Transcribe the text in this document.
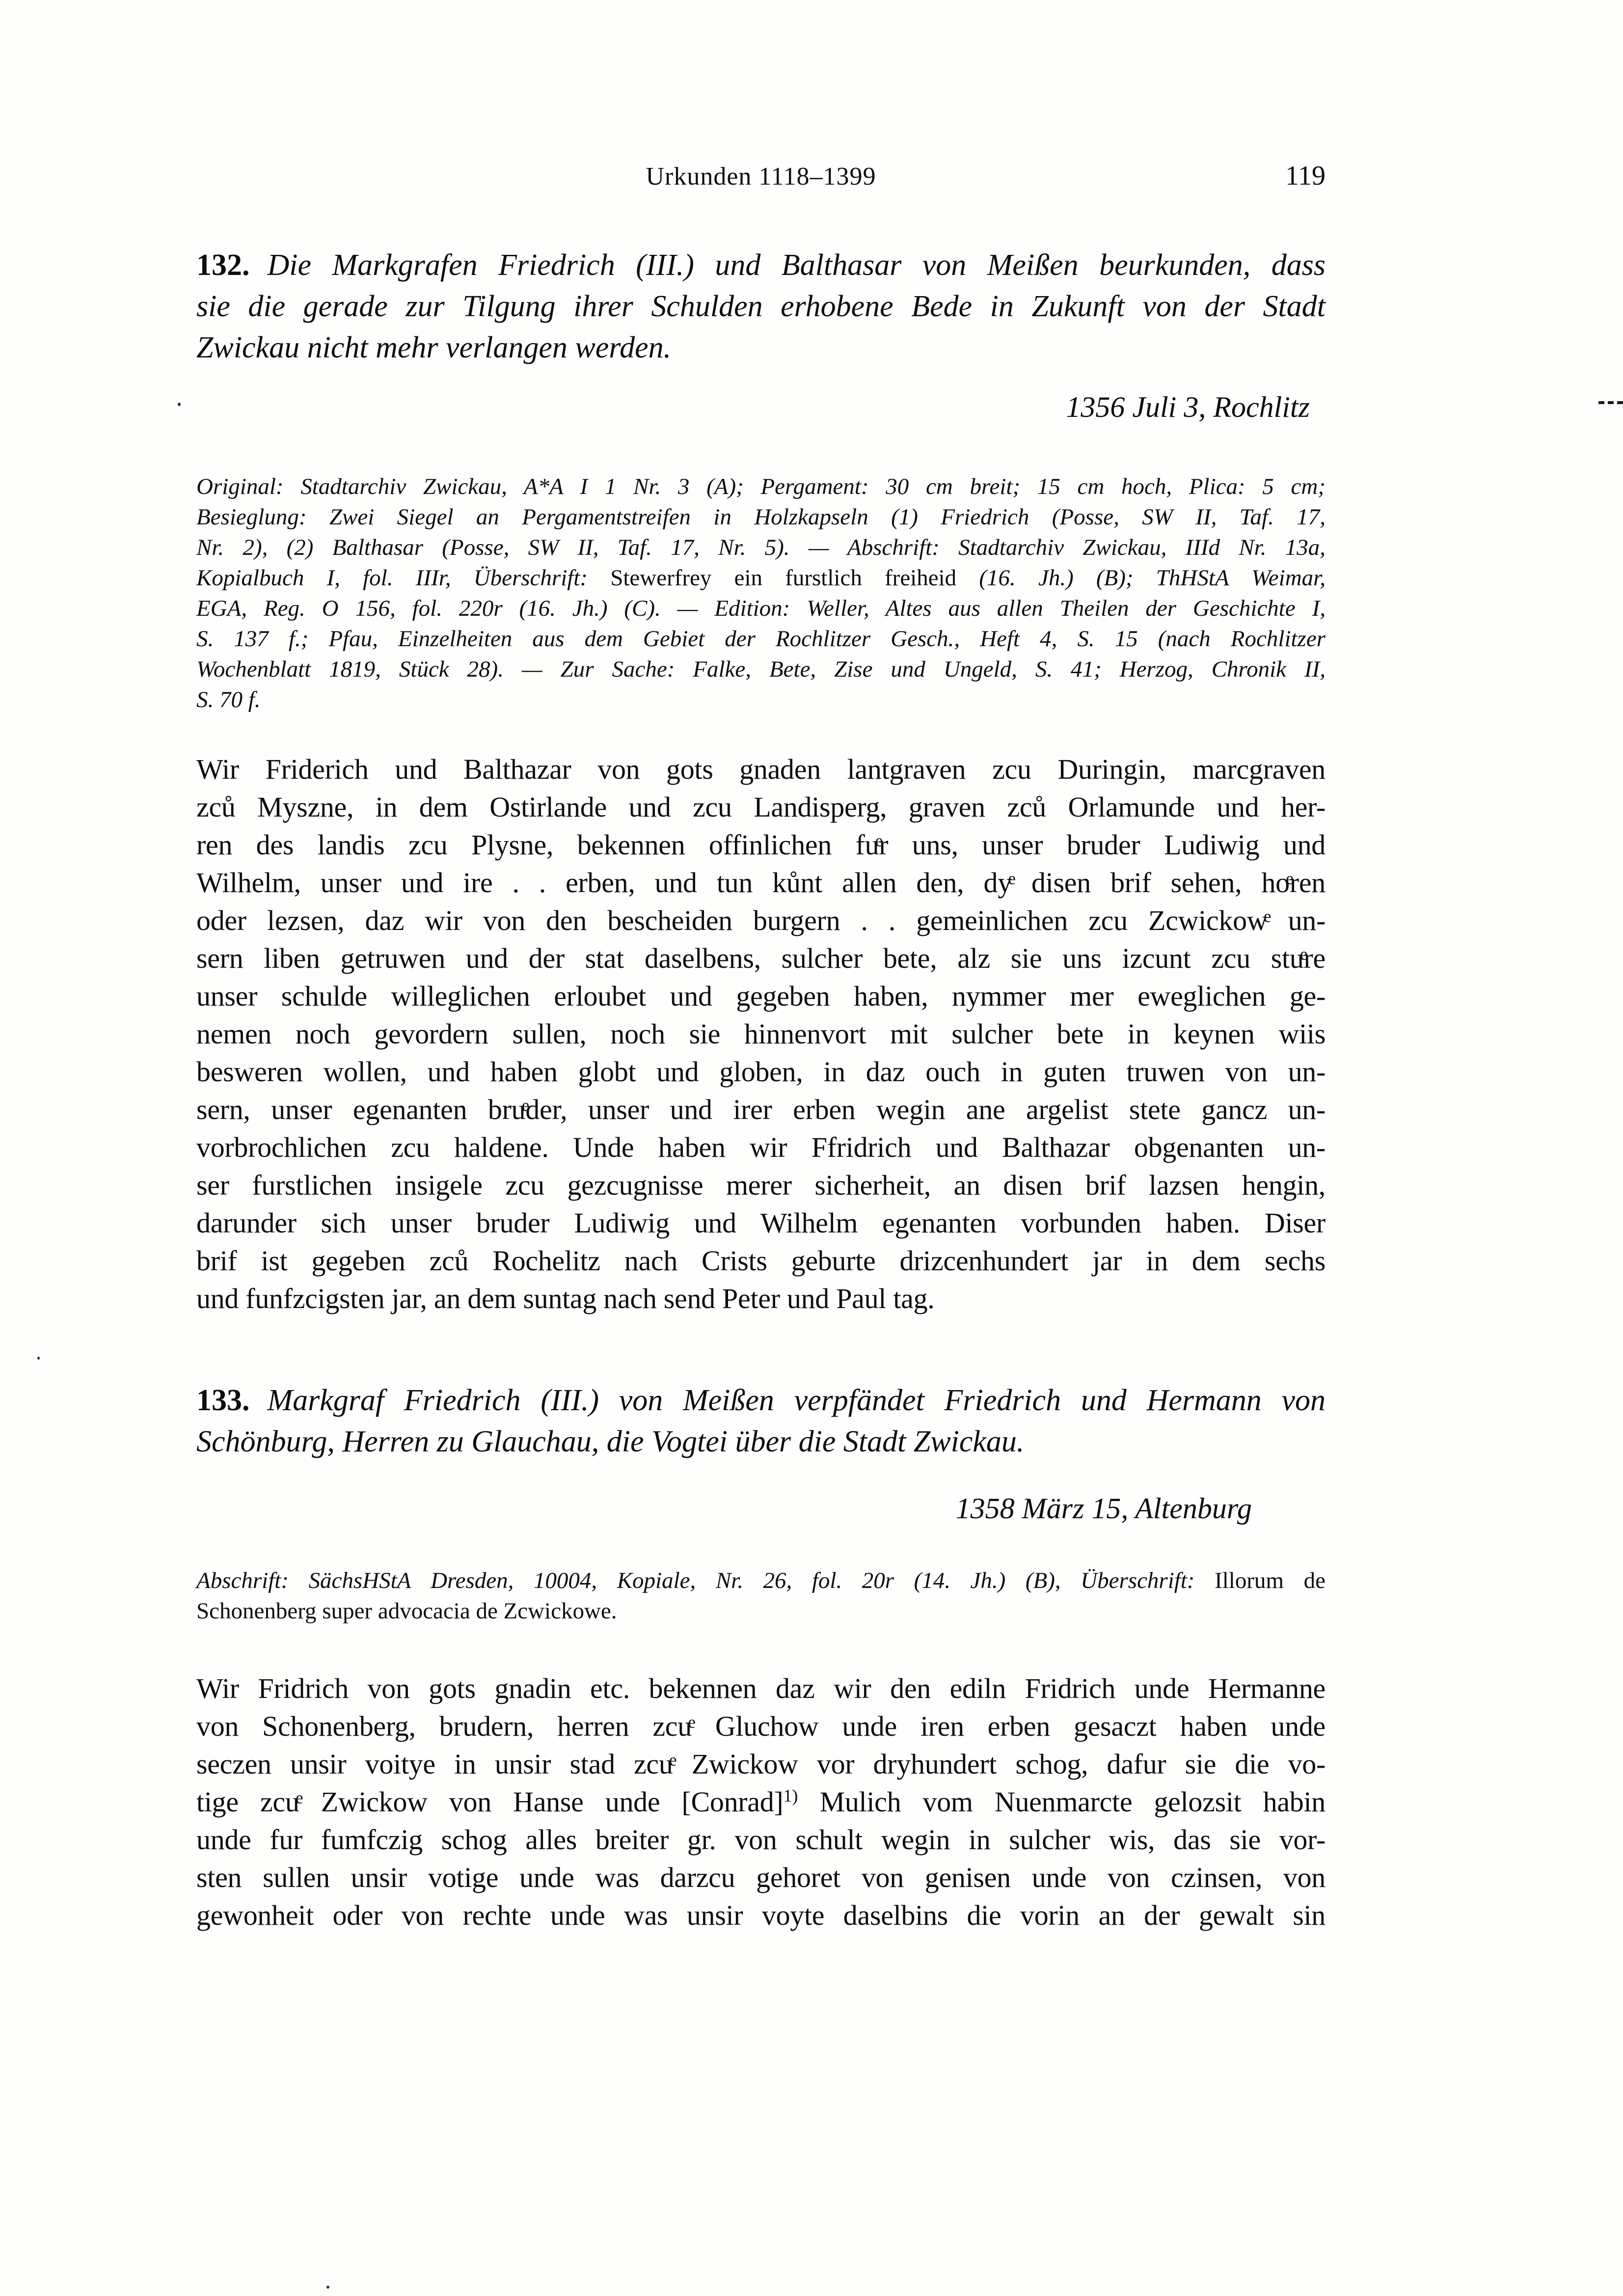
Urkunden 1118–1399	119
132. Die Markgrafen Friedrich (III.) und Balthasar von Meißen beurkunden, dass
sie die gerade zur Tilgung ihrer Schulden erhobene Bede in Zukunft von der Stadt
Zwickau nicht mehr verlangen werden.
1356 Juli 3, Rochlitz
Original: Stadtarchiv Zwickau, A*A I 1 Nr. 3 (A); Pergament: 30 cm breit; 15 cm hoch, Plica: 5 cm;
Besieglung: Zwei Siegel an Pergamentstreifen in Holzkapseln (1) Friedrich (Posse, SW II, Taf. 17,
Nr. 2), (2) Balthasar (Posse, SW II, Taf. 17, Nr. 5). — Abschrift: Stadtarchiv Zwickau, IIId Nr. 13a,
Kopialbuch I, fol. IIIr, Überschrift: Stewerfrey ein furstlich freiheid (16. Jh.) (B); ThHStA Weimar,
EGA, Reg. O 156, fol. 220r (16. Jh.) (C). — Edition: Weller, Altes aus allen Theilen der Geschichte I,
S. 137 f.; Pfau, Einzelheiten aus dem Gebiet der Rochlitzer Gesch., Heft 4, S. 15 (nach Rochlitzer
Wochenblatt 1819, Stück 28). — Zur Sache: Falke, Bete, Zise und Ungeld, S. 41; Herzog, Chronik II,
S. 70 f.
Wir Friderich und Balthazar von gots gnaden lantgraven zcu Duringin, marcgraven
zců Myszne, in dem Ostirlande und zcu Landisperg, graven zců Orlamunde und her-
ren des landis zcu Plysne, bekennen offinlichen fuͤr uns, unser bruder Ludiwig und
Wilhelm, unser und ire . . erben, und tun kůnt allen den, dyͤ disen brif sehen, hoͤren
oder lezsen, daz wir von den bescheiden burgern . . gemeinlichen zcu Zcwickowͤ un-
sern liben getruwen und der stat daselbens, sulcher bete, alz sie uns izcunt zcu stuͤre
unser schulde willeglichen erloubet und gegeben haben, nymmer mer eweglichen ge-
nemen noch gevordern sullen, noch sie hinnenvort mit sulcher bete in keynen wiis
besweren wollen, und haben globt und globen, in daz ouch in guten truwen von un-
sern, unser egenanten bruͤder, unser und irer erben wegin ane argelist stete gancz un-
vorbrochlichen zcu haldene. Unde haben wir Ffridrich und Balthazar obgenanten un-
ser furstlichen insigele zcu gezcugnisse merer sicherheit, an disen brif lazsen hengin,
darunder sich unser bruder Ludiwig und Wilhelm egenanten vorbunden haben. Diser
brif ist gegeben zců Rochelitz nach Crists geburte drizcenhundert jar in dem sechs
und funfzcigsten jar, an dem suntag nach send Peter und Paul tag.
133. Markgraf Friedrich (III.) von Meißen verpfändet Friedrich und Hermann von
Schönburg, Herren zu Glauchau, die Vogtei über die Stadt Zwickau.
1358 März 15, Altenburg
Abschrift: SächsHStA Dresden, 10004, Kopiale, Nr. 26, fol. 20r (14. Jh.) (B), Überschrift: Illorum de
Schonenberg super advocacia de Zcwickowe.
Wir Fridrich von gots gnadin etc. bekennen daz wir den ediln Fridrich unde Hermanne
von Schonenberg, brudern, herren zcuͤ Gluchow unde iren erben gesaczt haben unde
seczen unsir voitye in unsir stad zcuͤ Zwickow vor dryhundert schog, dafur sie die vo-
tige zcuͤ Zwickow von Hanse unde [Conrad]$^{1)}$ Mulich vom Nuenmarcte gelozsit habin
unde fur fumfczig schog alles breiter gr. von schult wegin in sulcher wis, das sie vor-
sten sullen unsir votige unde was darzcu gehoret von genisen unde von czinsen, von
gewonheit oder von rechte unde was unsir voyte daselbins die vorin an der gewalt sin
